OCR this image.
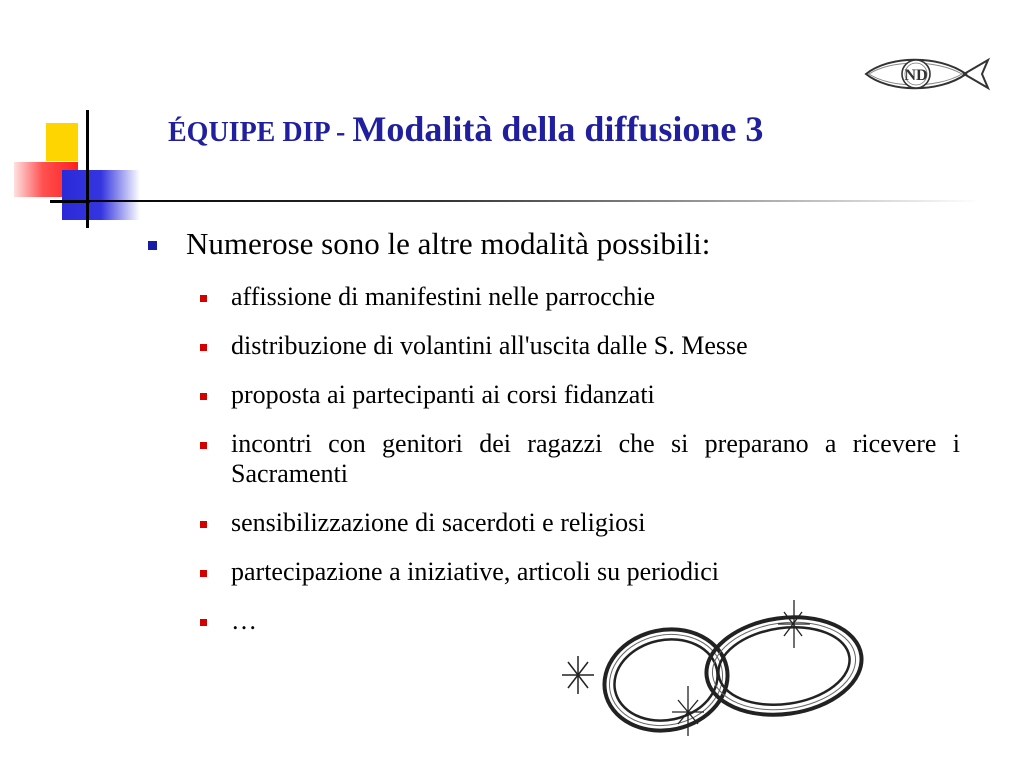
ND
ÉQUIPE DIP - Modalità della diffusione 3
Numerose sono le altre modalità possibili:
affissione di manifestini nelle parrocchie
distribuzione di volantini all'uscita dalle S. Messe
proposta ai partecipanti ai corsi fidanzati
incontri con genitori dei ragazzi che si preparano a ricevere i Sacramenti
sensibilizzazione di sacerdoti e religiosi
partecipazione a iniziative, articoli su periodici
…
